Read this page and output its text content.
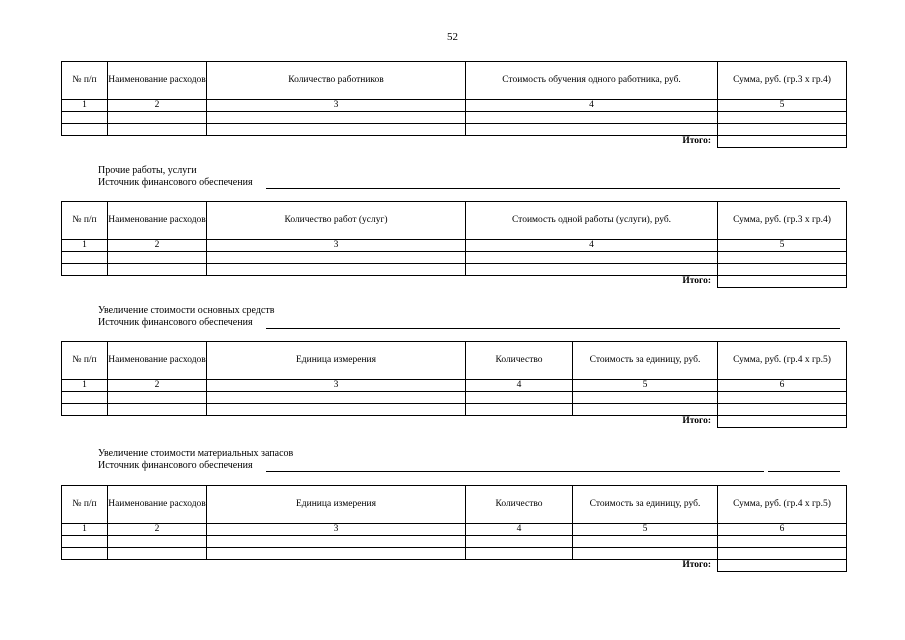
52
№ п/п	Наименование расходов	Количество работников	Стоимость обучения одного работника, руб.	Сумма, руб. (гр.3 х гр.4)
1	2	3	4	5

Итого:				
Прочие работы, услуги
Источник финансового обеспечения
№ п/п	Наименование расходов	Количество работ (услуг)	Стоимость одной работы (услуги), руб.	Сумма, руб. (гр.3 х гр.4)
1	2	3	4	5

Итого:				
Увеличение стоимости основных средств
Источник финансового обеспечения
№ п/п	Наименование расходов	Единица измерения	Количество	Стоимость за единицу, руб.	Сумма, руб. (гр.4 х гр.5)
1	2	3	4	5	6

Итого:					
Увеличение стоимости материальных запасов
Источник финансового обеспечения
№ п/п	Наименование расходов	Единица измерения	Количество	Стоимость за единицу, руб.	Сумма, руб. (гр.4 х гр.5)
1	2	3	4	5	6

Итого:					
